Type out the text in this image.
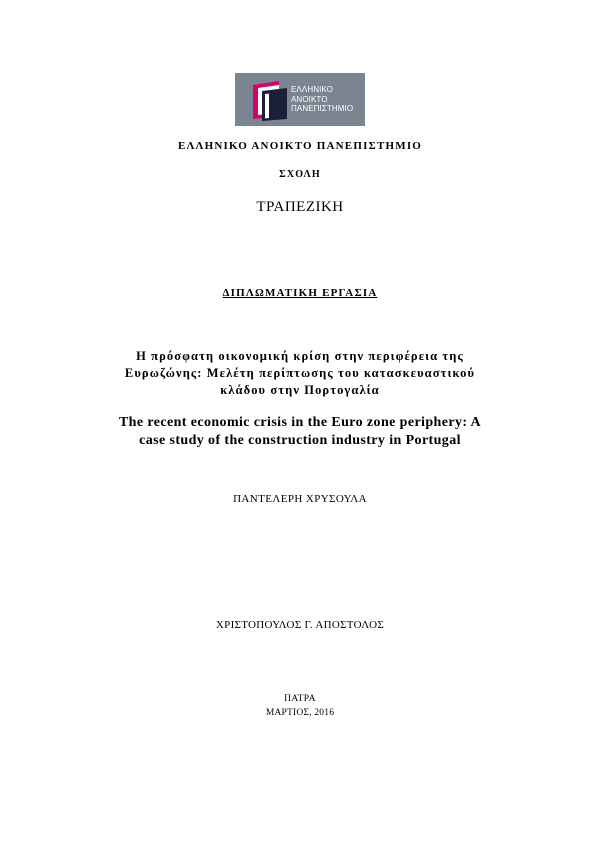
ΕΛΛΗΝΙΚΟ
ΑΝΟΙΚΤΟ
ΠΑΝΕΠΙΣΤΗΜΙΟ
ΕΛΛΗΝΙΚΟ ΑΝΟΙΚΤΟ ΠΑΝΕΠΙΣΤΗΜΙΟ
ΣΧΟΛΗ
ΤΡΑΠΕΖΙΚΗ
ΔΙΠΛΩΜΑΤΙΚΗ ΕΡΓΑΣΙΑ
Η πρόσφατη οικονομική κρίση στην περιφέρεια της
Ευρωζώνης: Μελέτη περίπτωσης του κατασκευαστικού
κλάδου στην Πορτογαλία
The recent economic crisis in the Euro zone periphery: A
case study of the construction industry in Portugal
ΠΑΝΤΕΛΕΡΗ ΧΡΥΣΟΥΛΑ
ΧΡΙΣΤΟΠΟΥΛΟΣ Γ. ΑΠΟΣΤΟΛΟΣ
ΠΑΤΡΑ
ΜΑΡΤΙΟΣ, 2016
